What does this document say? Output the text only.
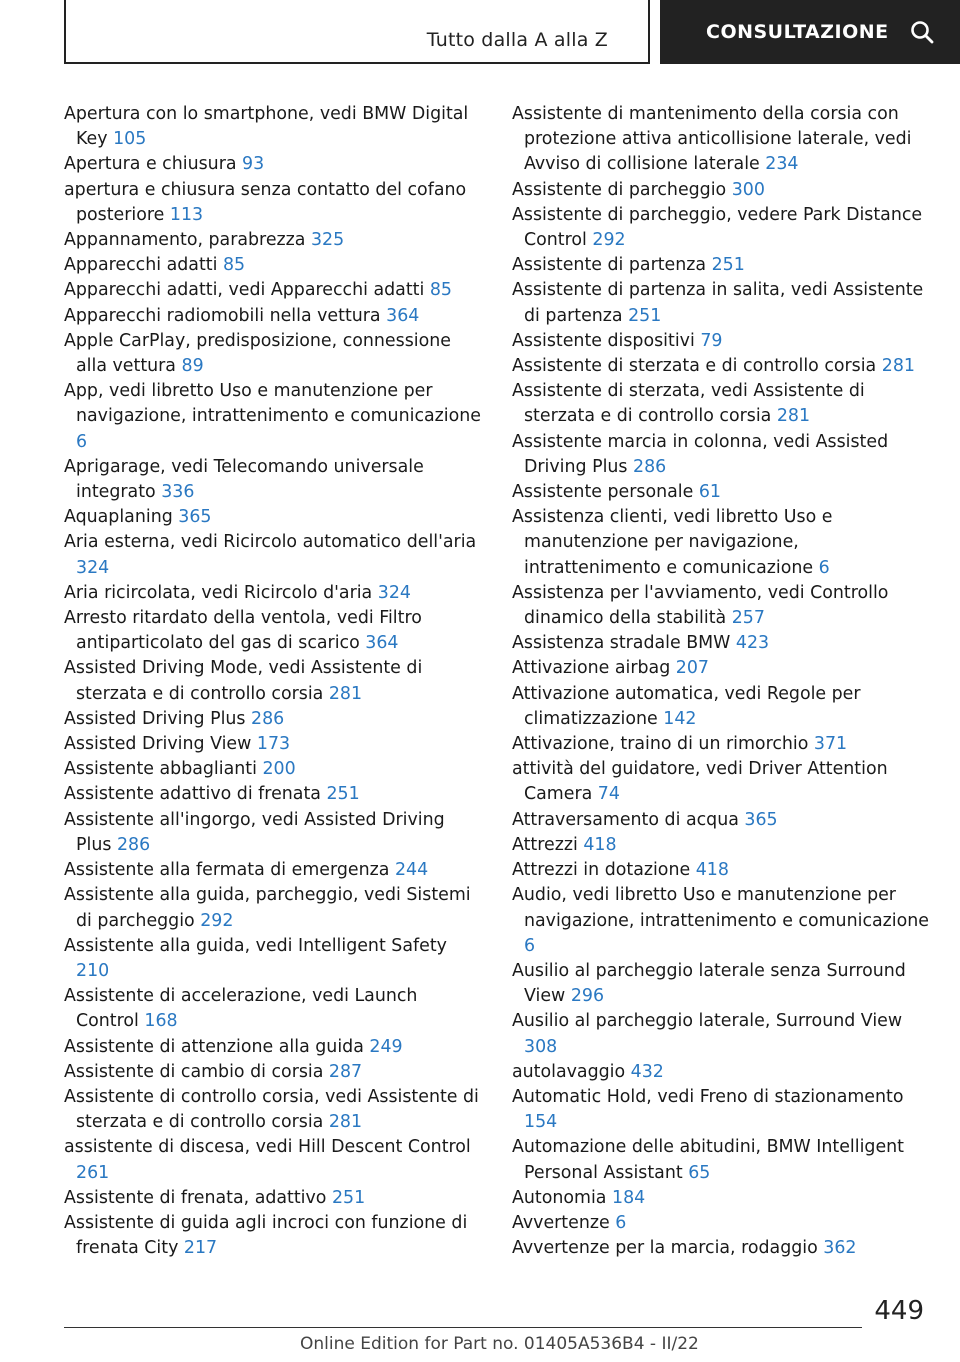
Tutto dalla A alla Z	CONSULTAZIONE
Apertura con lo smartphone, vedi BMW Digital Key 105
Apertura e chiusura 93
apertura e chiusura senza contatto del cofano posteriore 113
Appannamento, parabrezza 325
Apparecchi adatti 85
Apparecchi adatti, vedi Apparecchi adatti 85
Apparecchi radiomobili nella vettura 364
Apple CarPlay, predisposizione, connessione alla vettura 89
App, vedi libretto Uso e manutenzione per navigazione, intrattenimento e comunicazione 6
Aprigarage, vedi Telecomando universale integrato 336
Aquaplaning 365
Aria esterna, vedi Ricircolo automatico dell'aria 324
Aria ricircolata, vedi Ricircolo d'aria 324
Arresto ritardato della ventola, vedi Filtro antiparticolato del gas di scarico 364
Assisted Driving Mode, vedi Assistente di sterzata e di controllo corsia 281
Assisted Driving Plus 286
Assisted Driving View 173
Assistente abbaglianti 200
Assistente adattivo di frenata 251
Assistente all'ingorgo, vedi Assisted Driving Plus 286
Assistente alla fermata di emergenza 244
Assistente alla guida, parcheggio, vedi Sistemi di parcheggio 292
Assistente alla guida, vedi Intelligent Safety 210
Assistente di accelerazione, vedi Launch Control 168
Assistente di attenzione alla guida 249
Assistente di cambio di corsia 287
Assistente di controllo corsia, vedi Assistente di sterzata e di controllo corsia 281
assistente di discesa, vedi Hill Descent Control 261
Assistente di frenata, adattivo 251
Assistente di guida agli incroci con funzione di frenata City 217
Assistente di mantenimento della corsia con protezione attiva anticollisione laterale, vedi Avviso di collisione laterale 234
Assistente di parcheggio 300
Assistente di parcheggio, vedere Park Distance Control 292
Assistente di partenza 251
Assistente di partenza in salita, vedi Assistente di partenza 251
Assistente dispositivi 79
Assistente di sterzata e di controllo corsia 281
Assistente di sterzata, vedi Assistente di sterzata e di controllo corsia 281
Assistente marcia in colonna, vedi Assisted Driving Plus 286
Assistente personale 61
Assistenza clienti, vedi libretto Uso e manutenzione per navigazione, intrattenimento e comunicazione 6
Assistenza per l'avviamento, vedi Controllo dinamico della stabilità 257
Assistenza stradale BMW 423
Attivazione airbag 207
Attivazione automatica, vedi Regole per climatizzazione 142
Attivazione, traino di un rimorchio 371
attività del guidatore, vedi Driver Attention Camera 74
Attraversamento di acqua 365
Attrezzi 418
Attrezzi in dotazione 418
Audio, vedi libretto Uso e manutenzione per navigazione, intrattenimento e comunicazione 6
Ausilio al parcheggio laterale senza Surround View 296
Ausilio al parcheggio laterale, Surround View 308
autolavaggio 432
Automatic Hold, vedi Freno di stazionamento 154
Automazione delle abitudini, BMW Intelligent Personal Assistant 65
Autonomia 184
Avvertenze 6
Avvertenze per la marcia, rodaggio 362
449
Online Edition for Part no. 01405A536B4 - II/22
